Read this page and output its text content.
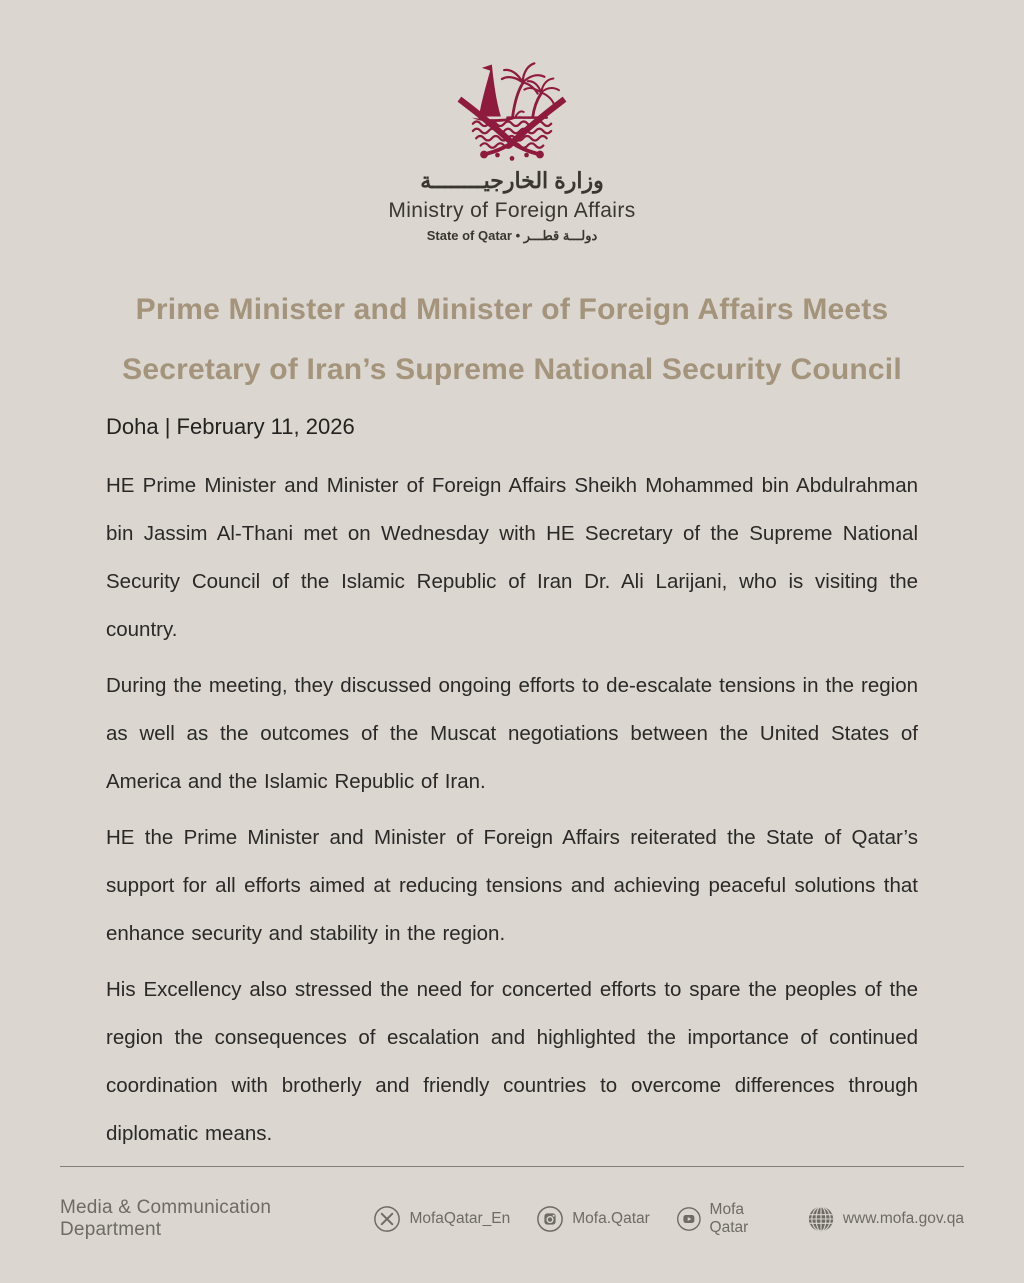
وزارة الخارجيــــــــة
Ministry of Foreign Affairs
State of Qatar • دولـــة قطـــر
Prime Minister and Minister of Foreign Affairs Meets
Secretary of Iran’s Supreme National Security Council
Doha | February 11, 2026

HE Prime Minister and Minister of Foreign Affairs Sheikh Mohammed bin Abdulrahman bin Jassim Al-Thani met on Wednesday with HE Secretary of the Supreme National Security Council of the Islamic Republic of Iran Dr. Ali Larijani, who is visiting the country.

During the meeting, they discussed ongoing efforts to de-escalate tensions in the region as well as the outcomes of the Muscat negotiations between the United States of America and the Islamic Republic of Iran.

HE the Prime Minister and Minister of Foreign Affairs reiterated the State of Qatar’s support for all efforts aimed at reducing tensions and achieving peaceful solutions that enhance security and stability in the region.

His Excellency also stressed the need for concerted efforts to spare the peoples of the region the consequences of escalation and highlighted the importance of continued coordination with brotherly and friendly countries to overcome differences through diplomatic means.

Media & Communication Department
MofaQatar_En	Mofa.Qatar
Mofa Qatar
www.mofa.gov.qa
